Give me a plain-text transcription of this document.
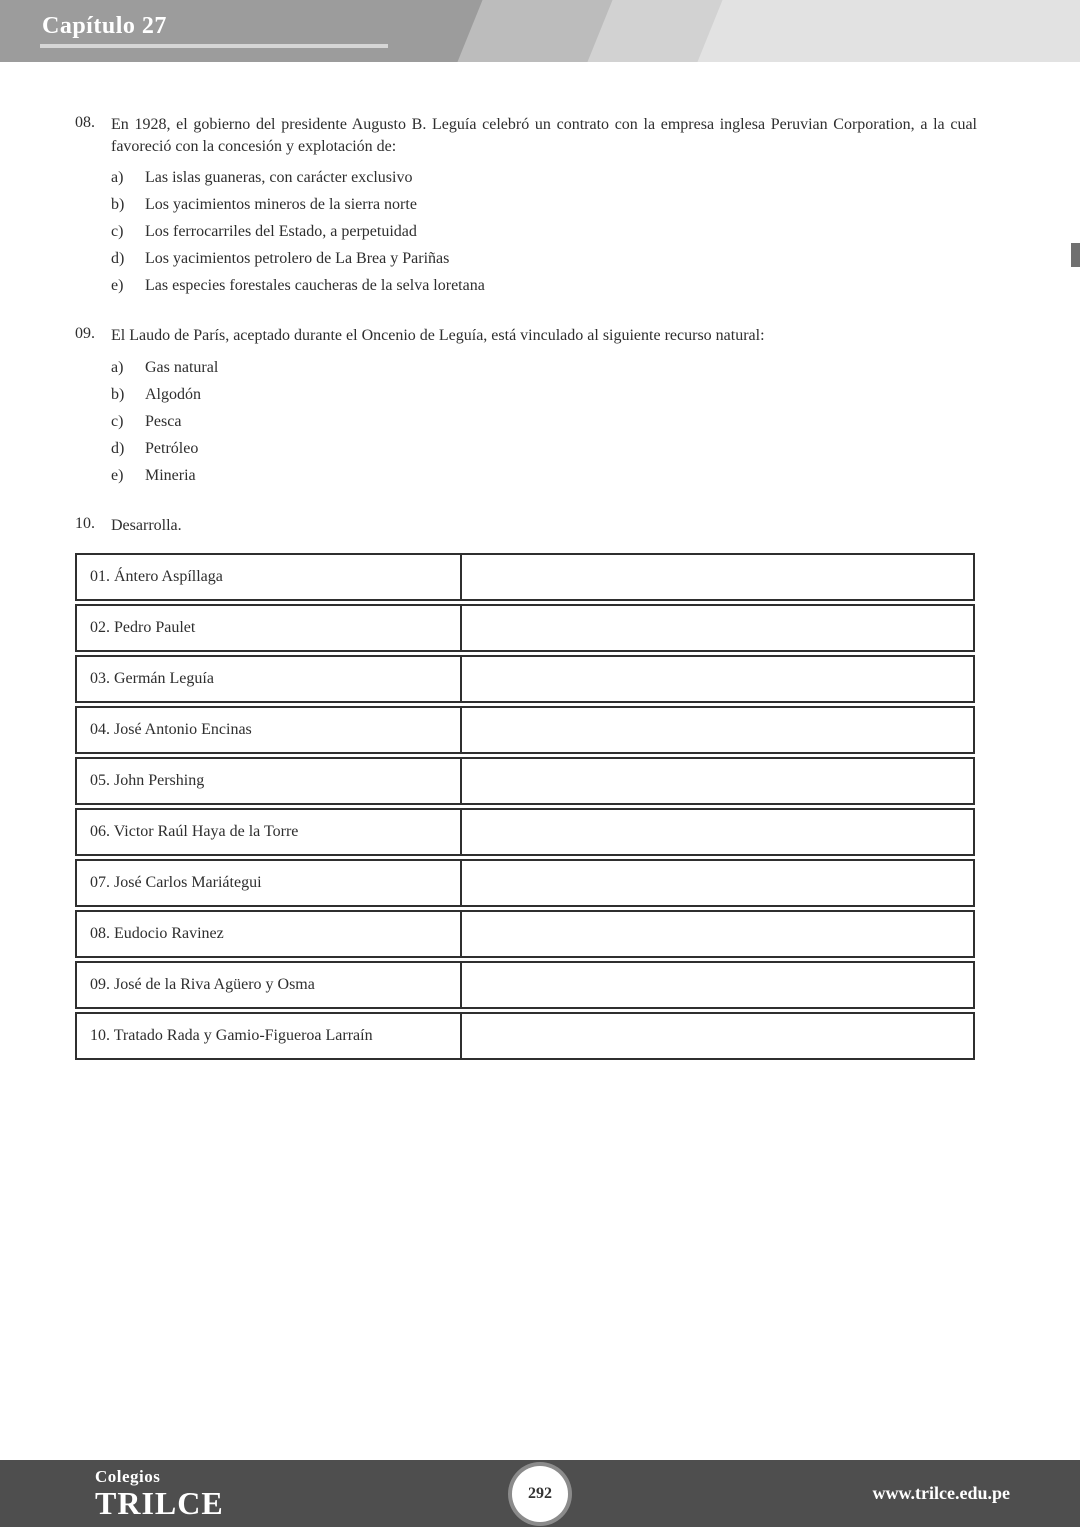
Capítulo 27
08.	En 1928, el gobierno del presidente Augusto B. Leguía celebró un contrato con la empresa inglesa Peruvian Corporation, a la cual favoreció con la concesión y explotación de:

a)	Las islas guaneras, con carácter exclusivo
b)	Los yacimientos mineros de la sierra norte
c)	Los ferrocarriles del Estado, a perpetuidad
d)	Los yacimientos petrolero de La Brea y Pariñas
e)	Las especies forestales caucheras de la selva loretana
09.	El Laudo de París, aceptado durante el Oncenio de Leguía, está vinculado al siguiente recurso natural:

a)	Gas natural
b)	Algodón
c)	Pesca
d)	Petróleo
e)	Mineria
10.	Desarrolla.

01. Ántero Aspíllaga	
02. Pedro Paulet	
03. Germán Leguía	
04. José Antonio Encinas	
05. John Pershing	
06. Victor Raúl Haya de la Torre	
07. José Carlos Mariátegui	
08. Eudocio Ravinez	
09. José de la Riva Agüero y Osma	
10. Tratado Rada y Gamio-Figueroa Larraín	
Colegios
TRILCE	292	www.trilce.edu.pe
